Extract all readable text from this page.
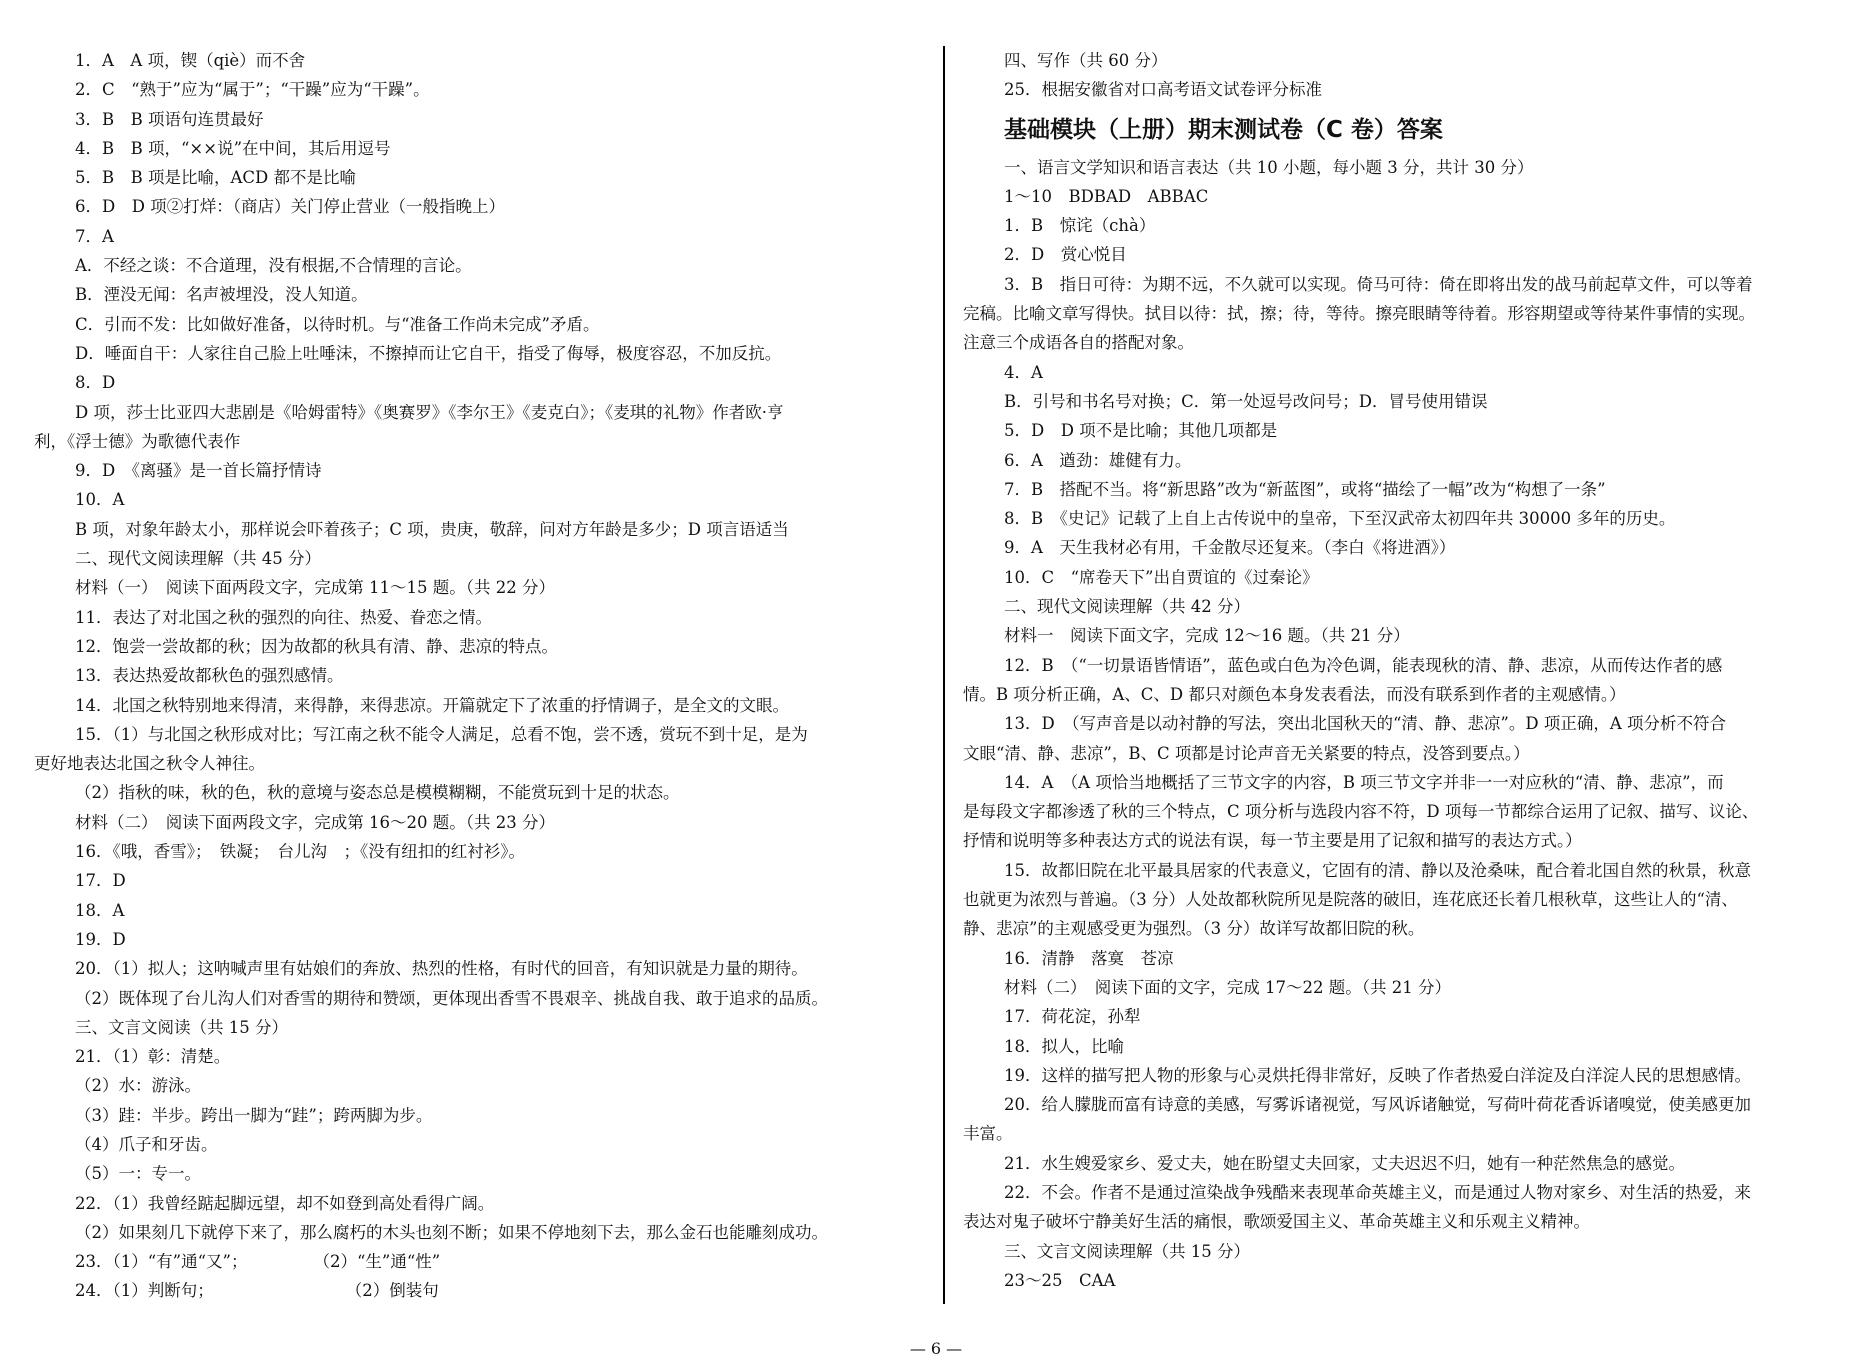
1．A　A 项，锲（qiè）而不舍
2．C　“熟于”应为“属于”；“干躁”应为“干躁”。
3．B　B 项语句连贯最好
4．B　B 项，“××说”在中间，其后用逗号
5．B　B 项是比喻，ACD 都不是比喻
6．D　D 项②打烊：（商店）关门停止营业（一般指晚上）
7．A
A．不经之谈：不合道理，没有根据,不合情理的言论。
B．湮没无闻：名声被埋没，没人知道。
C．引而不发：比如做好准备，以待时机。与“准备工作尚未完成”矛盾。
D．唾面自干：人家往自己脸上吐唾沫，不擦掉而让它自干，指受了侮辱，极度容忍，不加反抗。
8．D
D 项，莎士比亚四大悲剧是《哈姆雷特》《奥赛罗》《李尔王》《麦克白》；《麦琪的礼物》作者欧·亨
利，《浮士德》为歌德代表作
9．D　《离骚》是一首长篇抒情诗
10．A
B 项，对象年龄太小，那样说会吓着孩子；C 项，贵庚，敬辞，问对方年龄是多少；D 项言语适当
二、现代文阅读理解（共 45 分）
材料（一）　阅读下面两段文字，完成第 11～15 题。（共 22 分）
11．表达了对北国之秋的强烈的向往、热爱、眷恋之情。
12．饱尝一尝故都的秋；因为故都的秋具有清、静、悲凉的特点。
13．表达热爱故都秋色的强烈感情。
14．北国之秋特别地来得清，来得静，来得悲凉。开篇就定下了浓重的抒情调子，是全文的文眼。
15．（1）与北国之秋形成对比；写江南之秋不能令人满足，总看不饱，尝不透，赏玩不到十足，是为
更好地表达北国之秋令人神往。
（2）指秋的味，秋的色，秋的意境与姿态总是模模糊糊，不能赏玩到十足的状态。
材料（二）　阅读下面两段文字，完成第 16～20 题。（共 23 分）
16．《哦，香雪》；　铁凝；　台儿沟　；《没有纽扣的红衬衫》。
17．D
18．A
19．D
20．（1）拟人；这呐喊声里有姑娘们的奔放、热烈的性格，有时代的回音，有知识就是力量的期待。
（2）既体现了台儿沟人们对香雪的期待和赞颂，更体现出香雪不畏艰辛、挑战自我、敢于追求的品质。
三、文言文阅读（共 15 分）
21．（1）彰：清楚。
（2）水：游泳。
（3）跬：半步。跨出一脚为“跬”；跨两脚为步。
（4）爪子和牙齿。
（5）一：专一。
22．（1）我曾经踮起脚远望，却不如登到高处看得广阔。
（2）如果刻几下就停下来了，那么腐朽的木头也刻不断；如果不停地刻下去，那么金石也能雕刻成功。
23．（1）“有”通“又”；　　　　　（2）“生”通“性”
24．（1）判断句；　　　　　　　　　（2）倒装句
四、写作（共 60 分）
25．根据安徽省对口高考语文试卷评分标准
基础模块（上册）期末测试卷（C 卷）答案
一、语言文学知识和语言表达（共 10 小题，每小题 3 分，共计 30 分）
1～10　BDBAD　ABBAC
1．B　惊诧（chà）
2．D　赏心悦目
3．B　指日可待：为期不远，不久就可以实现。倚马可待：倚在即将出发的战马前起草文件，可以等着
完稿。比喻文章写得快。拭目以待：拭，擦；待，等待。擦亮眼睛等待着。形容期望或等待某件事情的实现。
注意三个成语各自的搭配对象。
4．A
B．引号和书名号对换；C．第一处逗号改问号；D．冒号使用错误
5．D　D 项不是比喻；其他几项都是
6．A　遒劲：雄健有力。
7．B　搭配不当。将“新思路”改为“新蓝图”，或将“描绘了一幅”改为“构想了一条”
8．B　《史记》记载了上自上古传说中的皇帝，下至汉武帝太初四年共 30000 多年的历史。
9．A　天生我材必有用，千金散尽还复来。（李白《将进酒》）
10．C　“席卷天下”出自贾谊的《过秦论》
二、现代文阅读理解（共 42 分）
材料一　阅读下面文字，完成 12～16 题。（共 21 分）
12．B　（“一切景语皆情语”，蓝色或白色为冷色调，能表现秋的清、静、悲凉，从而传达作者的感
情。B 项分析正确，A、C、D 都只对颜色本身发表看法，而没有联系到作者的主观感情。）
13．D　（写声音是以动衬静的写法，突出北国秋天的“清、静、悲凉”。D 项正确，A 项分析不符合
文眼“清、静、悲凉”，B、C 项都是讨论声音无关紧要的特点，没答到要点。）
14．A　（A 项恰当地概括了三节文字的内容，B 项三节文字并非一一对应秋的“清、静、悲凉”，而
是每段文字都渗透了秋的三个特点，C 项分析与选段内容不符，D 项每一节都综合运用了记叙、描写、议论、
抒情和说明等多种表达方式的说法有误，每一节主要是用了记叙和描写的表达方式。）
15．故都旧院在北平最具居家的代表意义，它固有的清、静以及沧桑味，配合着北国自然的秋景，秋意
也就更为浓烈与普遍。（3 分）人处故都秋院所见是院落的破旧，连花底还长着几根秋草，这些让人的“清、
静、悲凉”的主观感受更为强烈。（3 分）故详写故都旧院的秋。
16．清静　落寞　苍凉
材料（二）　阅读下面的文字，完成 17～22 题。（共 21 分）
17．荷花淀，孙犁
18．拟人，比喻
19．这样的描写把人物的形象与心灵烘托得非常好，反映了作者热爱白洋淀及白洋淀人民的思想感情。
20．给人朦胧而富有诗意的美感，写雾诉诸视觉，写风诉诸触觉，写荷叶荷花香诉诸嗅觉，使美感更加
丰富。
21．水生嫂爱家乡、爱丈夫，她在盼望丈夫回家，丈夫迟迟不归，她有一种茫然焦急的感觉。
22．不会。作者不是通过渲染战争残酷来表现革命英雄主义，而是通过人物对家乡、对生活的热爱，来
表达对鬼子破坏宁静美好生活的痛恨，歌颂爱国主义、革命英雄主义和乐观主义精神。
三、文言文阅读理解（共 15 分）
23～25　CAA
— 6 —
